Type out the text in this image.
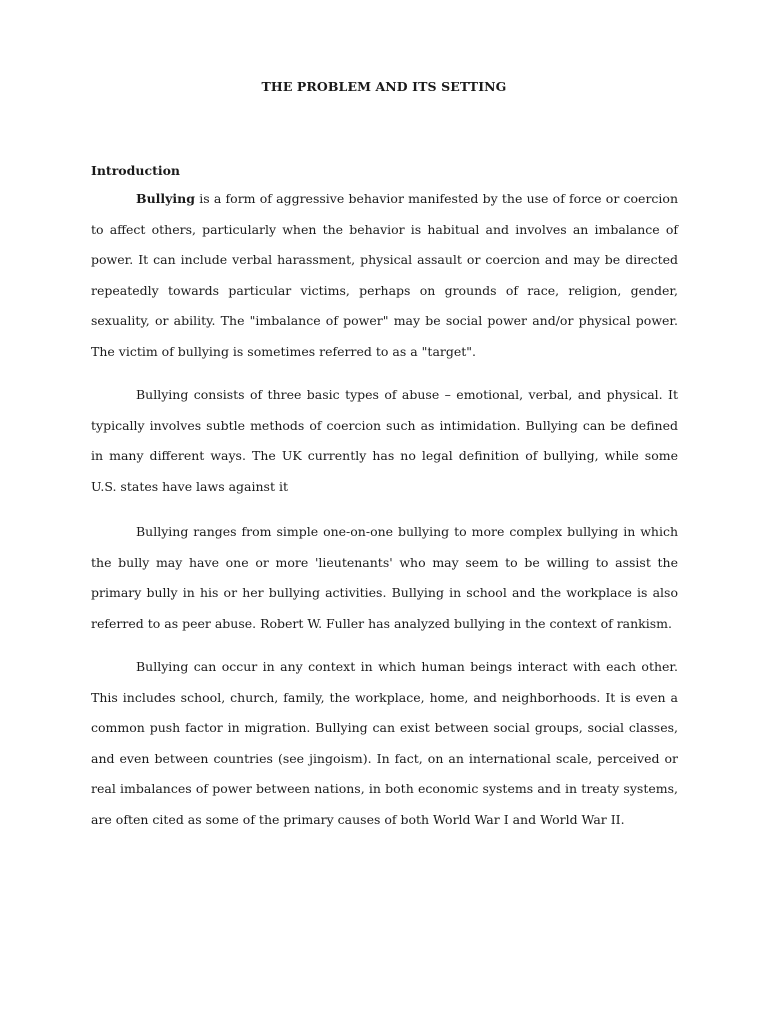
THE PROBLEM AND ITS SETTING
Introduction

Bullying is a form of aggressive behavior manifested by the use of force or coercion to affect others, particularly when the behavior is habitual and involves an imbalance of power. It can include verbal harassment, physical assault or coercion and may be directed repeatedly towards particular victims, perhaps on grounds of race, religion, gender, sexuality, or ability. The "imbalance of power" may be social power and/or physical power. The victim of bullying is sometimes referred to as a "target".

Bullying consists of three basic types of abuse – emotional, verbal, and physical. It typically involves subtle methods of coercion such as intimidation. Bullying can be defined in many different ways. The UK currently has no legal definition of bullying, while some U.S. states have laws against it

Bullying ranges from simple one-on-one bullying to more complex bullying in which the bully may have one or more 'lieutenants' who may seem to be willing to assist the primary bully in his or her bullying activities. Bullying in school and the workplace is also referred to as peer abuse. Robert W. Fuller has analyzed bullying in the context of rankism.

Bullying can occur in any context in which human beings interact with each other. This includes school, church, family, the workplace, home, and neighborhoods. It is even a common push factor in migration. Bullying can exist between social groups, social classes, and even between countries (see jingoism). In fact, on an international scale, perceived or real imbalances of power between nations, in both economic systems and in treaty systems, are often cited as some of the primary causes of both World War I and World War II.
